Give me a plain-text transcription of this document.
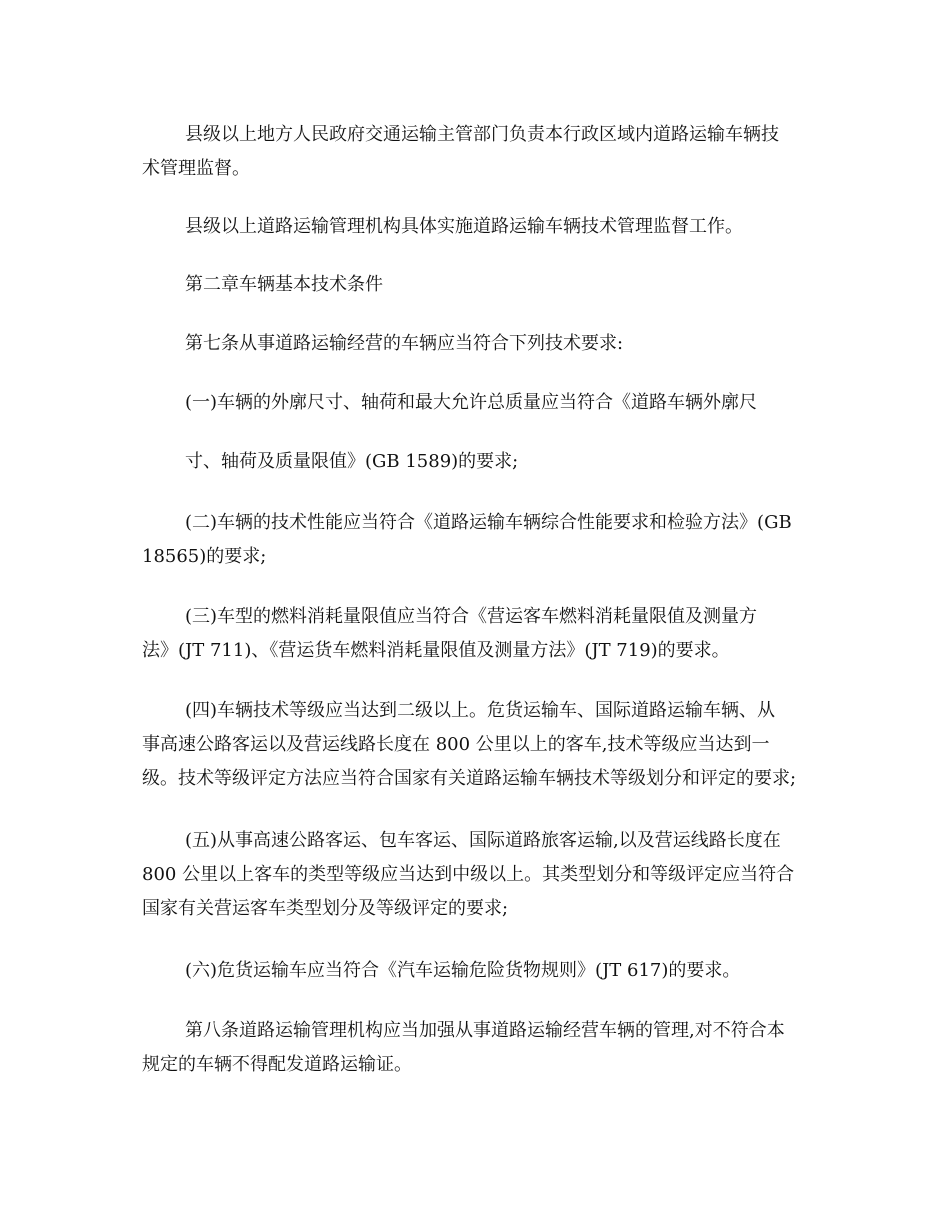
县级以上地方人民政府交通运输主管部门负责本行政区域内道路运输车辆技
术管理监督。
县级以上道路运输管理机构具体实施道路运输车辆技术管理监督工作。
第二章车辆基本技术条件
第七条从事道路运输经营的车辆应当符合下列技术要求:
(一)车辆的外廓尺寸、轴荷和最大允许总质量应当符合《道路车辆外廓尺
寸、轴荷及质量限值》(GB 1589)的要求;
(二)车辆的技术性能应当符合《道路运输车辆综合性能要求和检验方法》(GB
18565)的要求;
(三)车型的燃料消耗量限值应当符合《营运客车燃料消耗量限值及测量方
法》(JT 711)、《营运货车燃料消耗量限值及测量方法》(JT 719)的要求。
(四)车辆技术等级应当达到二级以上。危货运输车、国际道路运输车辆、从
事高速公路客运以及营运线路长度在 800 公里以上的客车,技术等级应当达到一
级。技术等级评定方法应当符合国家有关道路运输车辆技术等级划分和评定的要求;
(五)从事高速公路客运、包车客运、国际道路旅客运输,以及营运线路长度在
800 公里以上客车的类型等级应当达到中级以上。其类型划分和等级评定应当符合
国家有关营运客车类型划分及等级评定的要求;
(六)危货运输车应当符合《汽车运输危险货物规则》(JT 617)的要求。
第八条道路运输管理机构应当加强从事道路运输经营车辆的管理,对不符合本
规定的车辆不得配发道路运输证。
